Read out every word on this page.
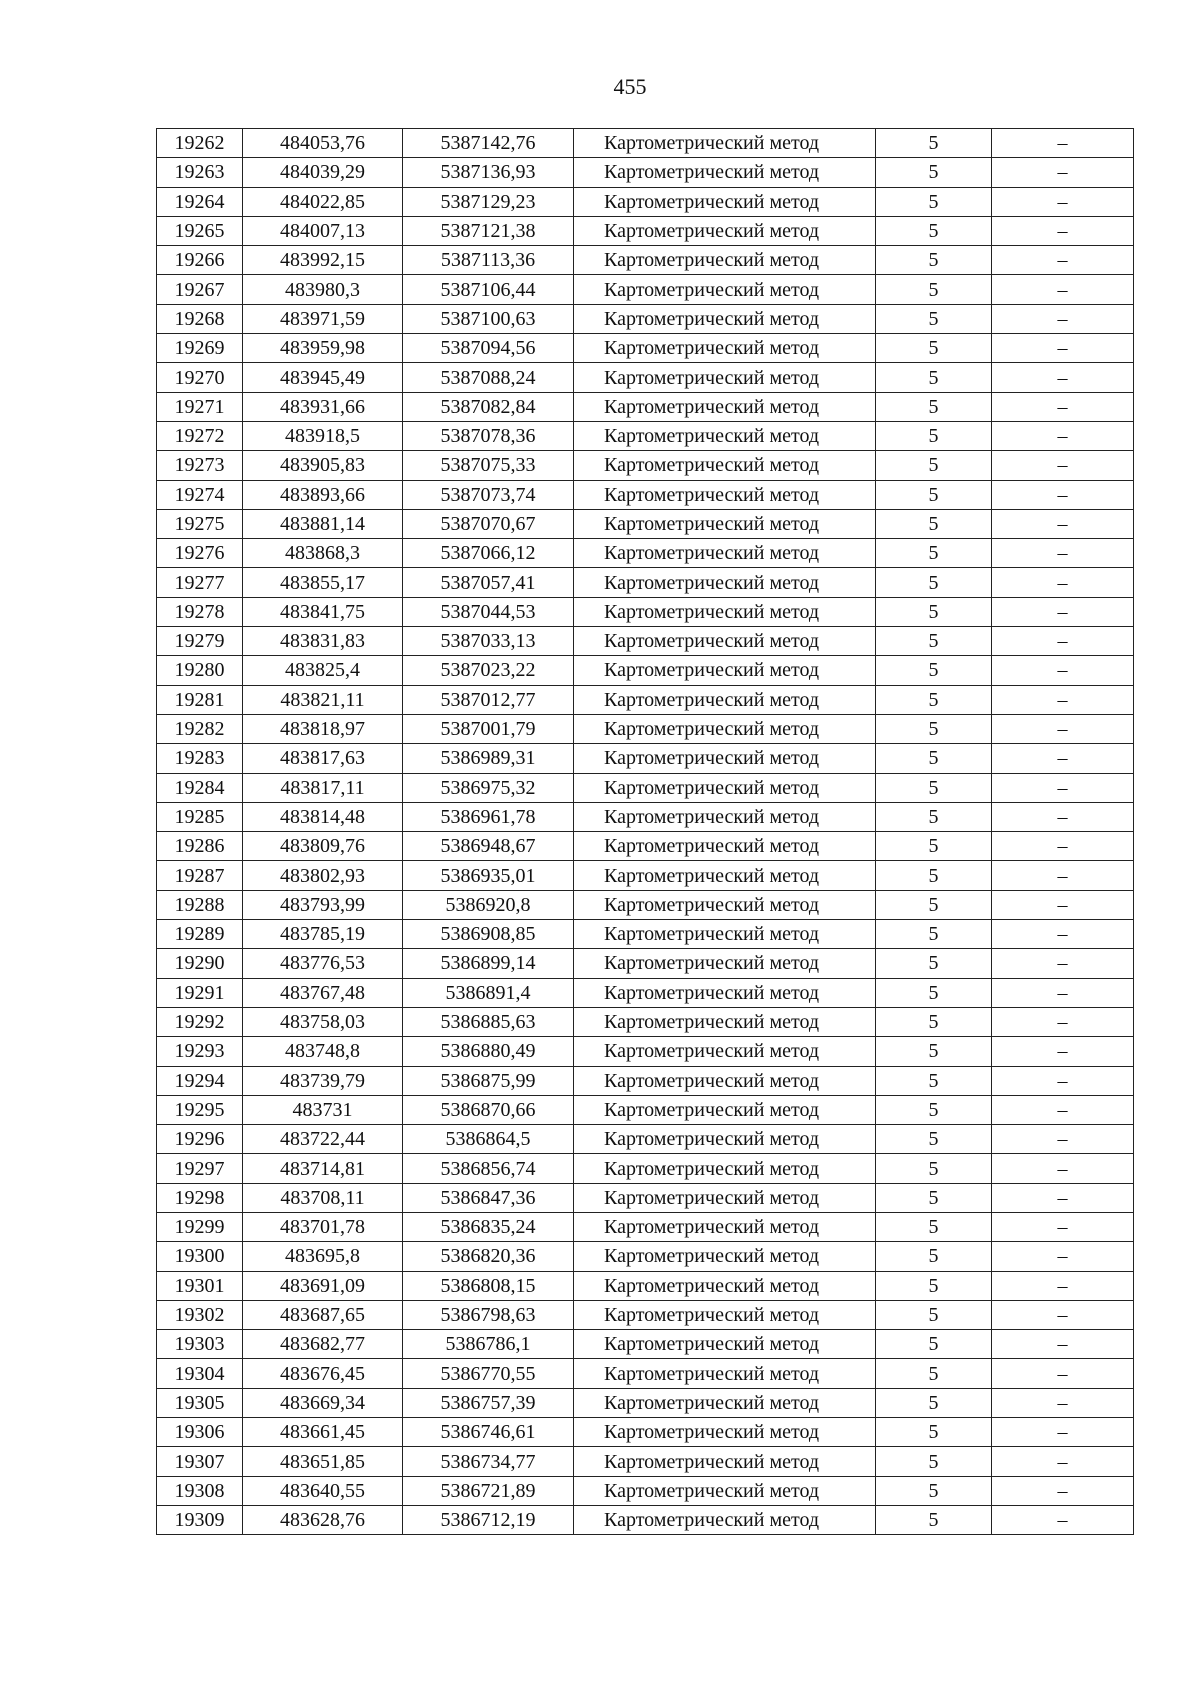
455
19262	484053,76	5387142,76	Картометрический метод	5	–
19263	484039,29	5387136,93	Картометрический метод	5	–
19264	484022,85	5387129,23	Картометрический метод	5	–
19265	484007,13	5387121,38	Картометрический метод	5	–
19266	483992,15	5387113,36	Картометрический метод	5	–
19267	483980,3	5387106,44	Картометрический метод	5	–
19268	483971,59	5387100,63	Картометрический метод	5	–
19269	483959,98	5387094,56	Картометрический метод	5	–
19270	483945,49	5387088,24	Картометрический метод	5	–
19271	483931,66	5387082,84	Картометрический метод	5	–
19272	483918,5	5387078,36	Картометрический метод	5	–
19273	483905,83	5387075,33	Картометрический метод	5	–
19274	483893,66	5387073,74	Картометрический метод	5	–
19275	483881,14	5387070,67	Картометрический метод	5	–
19276	483868,3	5387066,12	Картометрический метод	5	–
19277	483855,17	5387057,41	Картометрический метод	5	–
19278	483841,75	5387044,53	Картометрический метод	5	–
19279	483831,83	5387033,13	Картометрический метод	5	–
19280	483825,4	5387023,22	Картометрический метод	5	–
19281	483821,11	5387012,77	Картометрический метод	5	–
19282	483818,97	5387001,79	Картометрический метод	5	–
19283	483817,63	5386989,31	Картометрический метод	5	–
19284	483817,11	5386975,32	Картометрический метод	5	–
19285	483814,48	5386961,78	Картометрический метод	5	–
19286	483809,76	5386948,67	Картометрический метод	5	–
19287	483802,93	5386935,01	Картометрический метод	5	–
19288	483793,99	5386920,8	Картометрический метод	5	–
19289	483785,19	5386908,85	Картометрический метод	5	–
19290	483776,53	5386899,14	Картометрический метод	5	–
19291	483767,48	5386891,4	Картометрический метод	5	–
19292	483758,03	5386885,63	Картометрический метод	5	–
19293	483748,8	5386880,49	Картометрический метод	5	–
19294	483739,79	5386875,99	Картометрический метод	5	–
19295	483731	5386870,66	Картометрический метод	5	–
19296	483722,44	5386864,5	Картометрический метод	5	–
19297	483714,81	5386856,74	Картометрический метод	5	–
19298	483708,11	5386847,36	Картометрический метод	5	–
19299	483701,78	5386835,24	Картометрический метод	5	–
19300	483695,8	5386820,36	Картометрический метод	5	–
19301	483691,09	5386808,15	Картометрический метод	5	–
19302	483687,65	5386798,63	Картометрический метод	5	–
19303	483682,77	5386786,1	Картометрический метод	5	–
19304	483676,45	5386770,55	Картометрический метод	5	–
19305	483669,34	5386757,39	Картометрический метод	5	–
19306	483661,45	5386746,61	Картометрический метод	5	–
19307	483651,85	5386734,77	Картометрический метод	5	–
19308	483640,55	5386721,89	Картометрический метод	5	–
19309	483628,76	5386712,19	Картометрический метод	5	–
